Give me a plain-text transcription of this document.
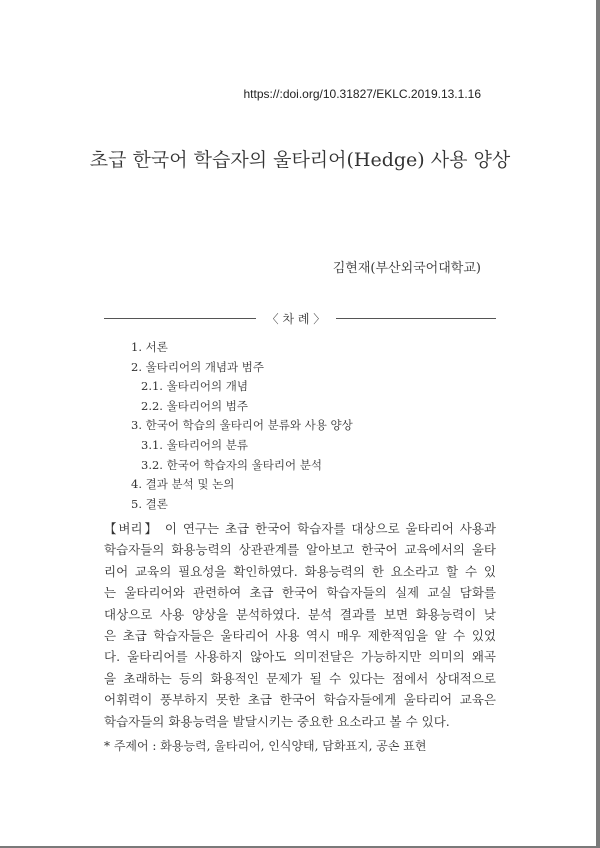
https://:doi.org/10.31827/EKLC.2019.13.1.16
초급 한국어 학습자의 울타리어(Hedge) 사용 양상
김현재(부산외국어대학교)
〈 차 례 〉
1. 서론
2. 울타리어의 개념과 범주
2.1. 울타리어의 개념
2.2. 울타리어의 범주
3. 한국어 학습의 울타리어 분류와 사용 양상
3.1. 울타리어의 분류
3.2. 한국어 학습자의 울타리어 분석
4. 결과 분석 및 논의
5. 결론
【벼리】 이 연구는 초급 한국어 학습자를 대상으로 울타리어 사용과
학습자들의 화용능력의 상관관계를 알아보고 한국어 교육에서의 울타
리어 교육의 필요성을 확인하였다. 화용능력의 한 요소라고 할 수 있
는 울타리어와 관련하여 초급 한국어 학습자들의 실제 교실 담화를
대상으로 사용 양상을 분석하였다. 분석 결과를 보면 화용능력이 낮
은 초급 학습자들은 울타리어 사용 역시 매우 제한적임을 알 수 있었
다. 울타리어를 사용하지 않아도 의미전달은 가능하지만 의미의 왜곡
을 초래하는 등의 화용적인 문제가 될 수 있다는 점에서 상대적으로
어휘력이 풍부하지 못한 초급 한국어 학습자들에게 울타리어 교육은
학습자들의 화용능력을 발달시키는 중요한 요소라고 볼 수 있다.
* 주제어 : 화용능력, 울타리어, 인식양태, 담화표지, 공손 표현
